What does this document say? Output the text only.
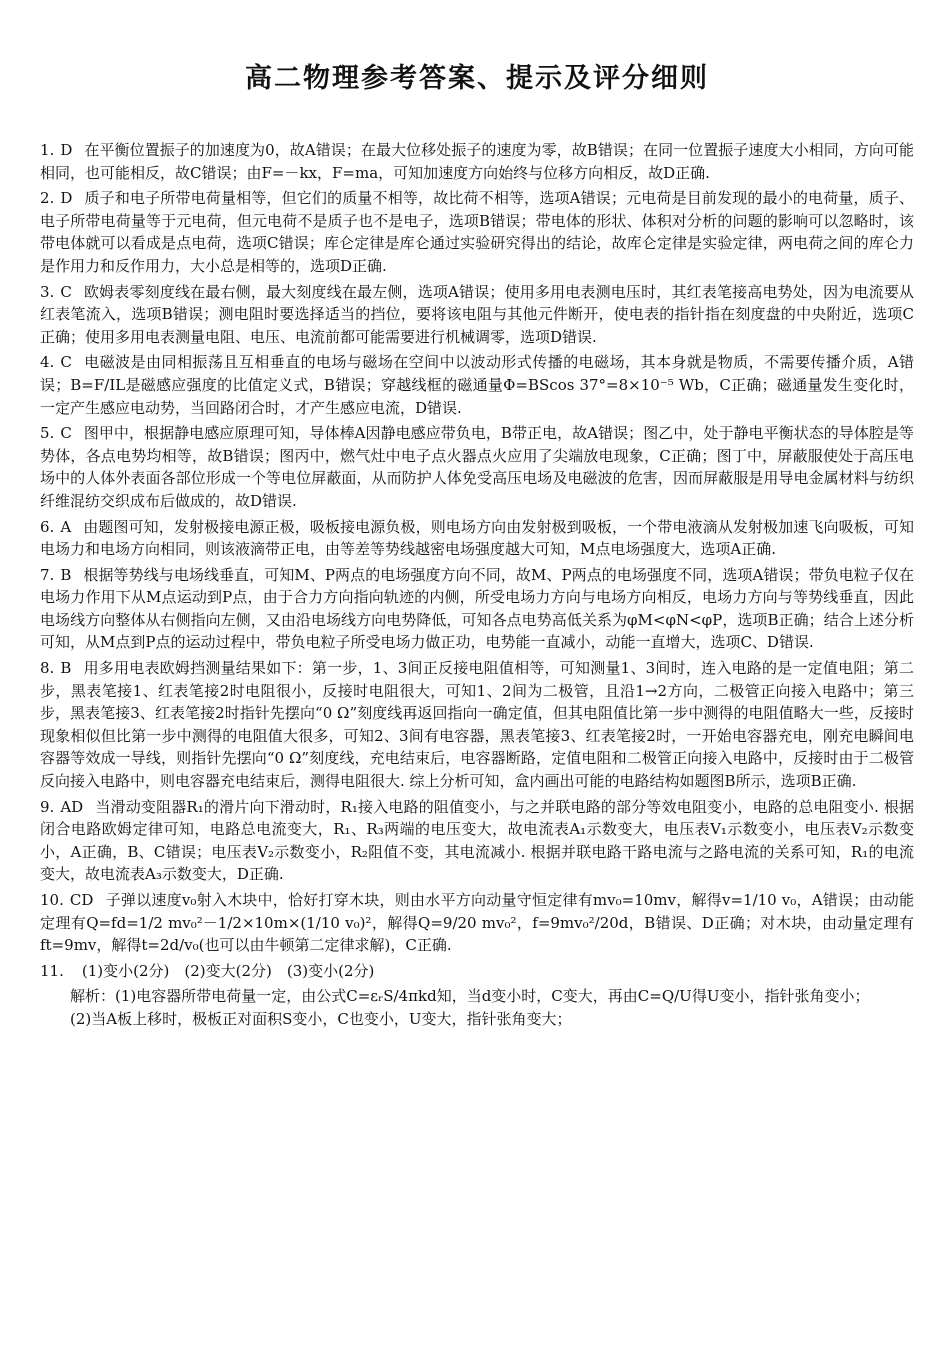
高二物理参考答案、提示及评分细则
1. D 在平衡位置振子的加速度为0，故A错误；在最大位移处振子的速度为零，故B错误；在同一位置振子速度大小相同，方向可能相同，也可能相反，故C错误；由F=－kx，F=ma，可知加速度方向始终与位移方向相反，故D正确.
2. D 质子和电子所带电荷量相等，但它们的质量不相等，故比荷不相等，选项A错误；元电荷是目前发现的最小的电荷量，质子、电子所带电荷量等于元电荷，但元电荷不是质子也不是电子，选项B错误；带电体的形状、体积对分析的问题的影响可以忽略时，该带电体就可以看成是点电荷，选项C错误；库仑定律是库仑通过实验研究得出的结论，故库仑定律是实验定律，两电荷之间的库仑力是作用力和反作用力，大小总是相等的，选项D正确.
3. C 欧姆表零刻度线在最右侧，最大刻度线在最左侧，选项A错误；使用多用电表测电压时，其红表笔接高电势处，因为电流要从红表笔流入，选项B错误；测电阻时要选择适当的挡位，要将该电阻与其他元件断开，使电表的指针指在刻度盘的中央附近，选项C正确；使用多用电表测量电阻、电压、电流前都可能需要进行机械调零，选项D错误.
4. C 电磁波是由同相振荡且互相垂直的电场与磁场在空间中以波动形式传播的电磁场，其本身就是物质，不需要传播介质，A错误；B=F/IL是磁感应强度的比值定义式，B错误；穿越线框的磁通量Φ=BScos 37°=8×10⁻⁵ Wb，C正确；磁通量发生变化时，一定产生感应电动势，当回路闭合时，才产生感应电流，D错误.
5. C 图甲中，根据静电感应原理可知，导体棒A因静电感应带负电，B带正电，故A错误；图乙中，处于静电平衡状态的导体腔是等势体，各点电势均相等，故B错误；图丙中，燃气灶中电子点火器点火应用了尖端放电现象，C正确；图丁中，屏蔽服使处于高压电场中的人体外表面各部位形成一个等电位屏蔽面，从而防护人体免受高压电场及电磁波的危害，因而屏蔽服是用导电金属材料与纺织纤维混纺交织成布后做成的，故D错误.
6. A 由题图可知，发射极接电源正极，吸板接电源负极，则电场方向由发射极到吸板，一个带电液滴从发射极加速飞向吸板，可知电场力和电场方向相同，则该液滴带正电，由等差等势线越密电场强度越大可知，M点电场强度大，选项A正确.
7. B 根据等势线与电场线垂直，可知M、P两点的电场强度方向不同，故M、P两点的电场强度不同，选项A错误；带负电粒子仅在电场力作用下从M点运动到P点，由于合力方向指向轨迹的内侧，所受电场力方向与电场方向相反，电场力方向与等势线垂直，因此电场线方向整体从右侧指向左侧，又由沿电场线方向电势降低，可知各点电势高低关系为φM<φN<φP，选项B正确；结合上述分析可知，从M点到P点的运动过程中，带负电粒子所受电场力做正功，电势能一直减小，动能一直增大，选项C、D错误.
8. B 用多用电表欧姆挡测量结果如下：第一步，1、3间正反接电阻值相等，可知测量1、3间时，连入电路的是一定值电阻；第二步，黑表笔接1、红表笔接2时电阻很小，反接时电阻很大，可知1、2间为二极管，且沿1→2方向，二极管正向接入电路中；第三步，黑表笔接3、红表笔接2时指针先摆向“0 Ω”刻度线再返回指向一确定值，但其电阻值比第一步中测得的电阻值略大一些，反接时现象相似但比第一步中测得的电阻值大很多，可知2、3间有电容器，黑表笔接3、红表笔接2时，一开始电容器充电，刚充电瞬间电容器等效成一导线，则指针先摆向“0 Ω”刻度线，充电结束后，电容器断路，定值电阻和二极管正向接入电路中，反接时由于二极管反向接入电路中，则电容器充电结束后，测得电阻很大. 综上分析可知，盒内画出可能的电路结构如题图B所示，选项B正确.
9. AD 当滑动变阻器R₁的滑片向下滑动时，R₁接入电路的阻值变小，与之并联电路的部分等效电阻变小，电路的总电阻变小. 根据闭合电路欧姆定律可知，电路总电流变大，R₁、R₃两端的电压变大，故电流表A₁示数变大，电压表V₁示数变小，电压表V₂示数变小，A正确，B、C错误；电压表V₂示数变小，R₂阻值不变，其电流减小. 根据并联电路干路电流与之路电流的关系可知，R₁的电流变大，故电流表A₃示数变大，D正确.
10. CD 子弹以速度v₀射入木块中，恰好打穿木块，则由水平方向动量守恒定律有mv₀=10mv，解得v=1/10 v₀，A错误；由动能定理有Q=fd=1/2 mv₀²－1/2×10m×(1/10 v₀)²，解得Q=9/20 mv₀²，f=9mv₀²/20d，B错误、D正确；对木块，由动量定理有ft=9mv，解得t=2d/v₀(也可以由牛顿第二定律求解)，C正确.
11. (1)变小(2分)　(2)变大(2分)　(3)变小(2分)
解析：(1)电容器所带电荷量一定，由公式C=εᵣS/4πkd知，当d变小时，C变大，再由C=Q/U得U变小，指针张角变小；
(2)当A板上移时，极板正对面积S变小，C也变小，U变大，指针张角变大；
